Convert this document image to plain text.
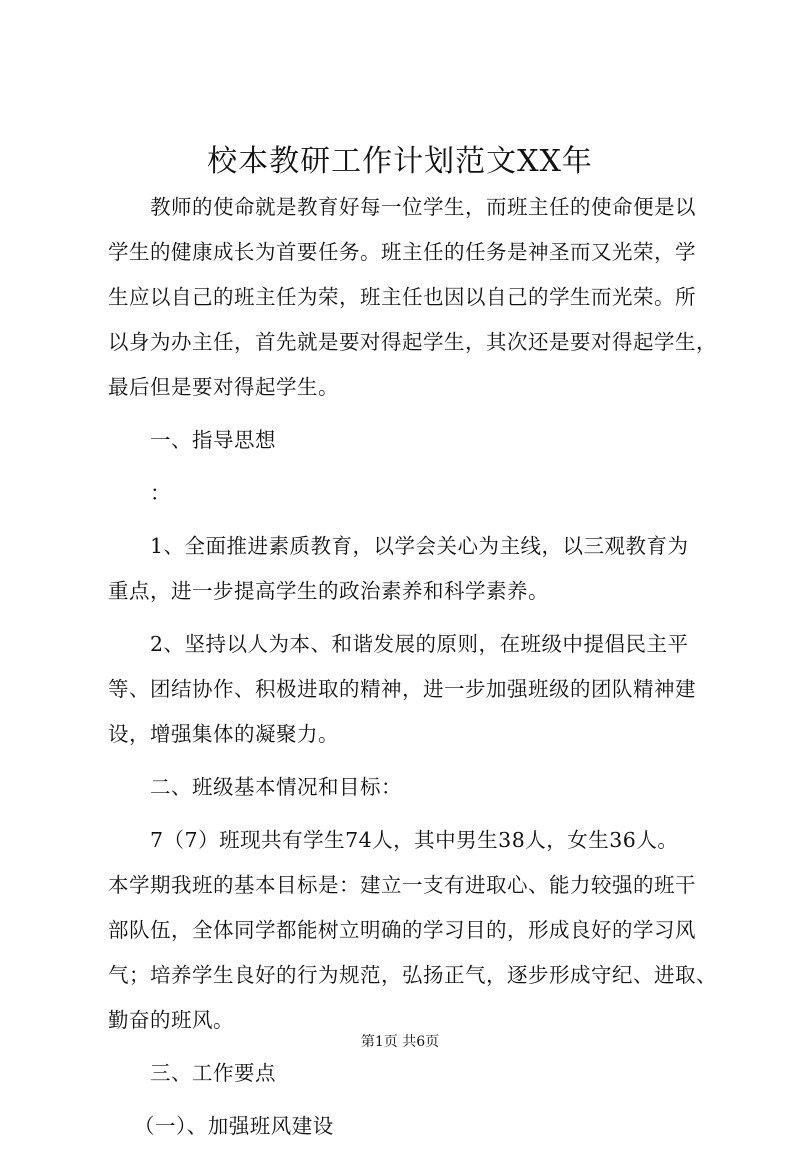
校本教研工作计划范文XX年

教师的使命就是教育好每一位学生，而班主任的使命便是以
学生的健康成长为首要任务。班主任的任务是神圣而又光荣，学
生应以自己的班主任为荣，班主任也因以自己的学生而光荣。所
以身为办主任，首先就是要对得起学生，其次还是要对得起学生，
最后但是要对得起学生。

一、指导思想

：

1、全面推进素质教育，以学会关心为主线，以三观教育为
重点，进一步提高学生的政治素养和科学素养。

2、坚持以人为本、和谐发展的原则，在班级中提倡民主平
等、团结协作、积极进取的精神，进一步加强班级的团队精神建
设，增强集体的凝聚力。

二、班级基本情况和目标：

7（7）班现共有学生74人，其中男生38人，女生36人。
本学期我班的基本目标是：建立一支有进取心、能力较强的班干
部队伍，全体同学都能树立明确的学习目的，形成良好的学习风
气；培养学生良好的行为规范，弘扬正气，逐步形成守纪、进取、
勤奋的班风。

三、工作要点

（一）、加强班风建设

第1页 共6页
